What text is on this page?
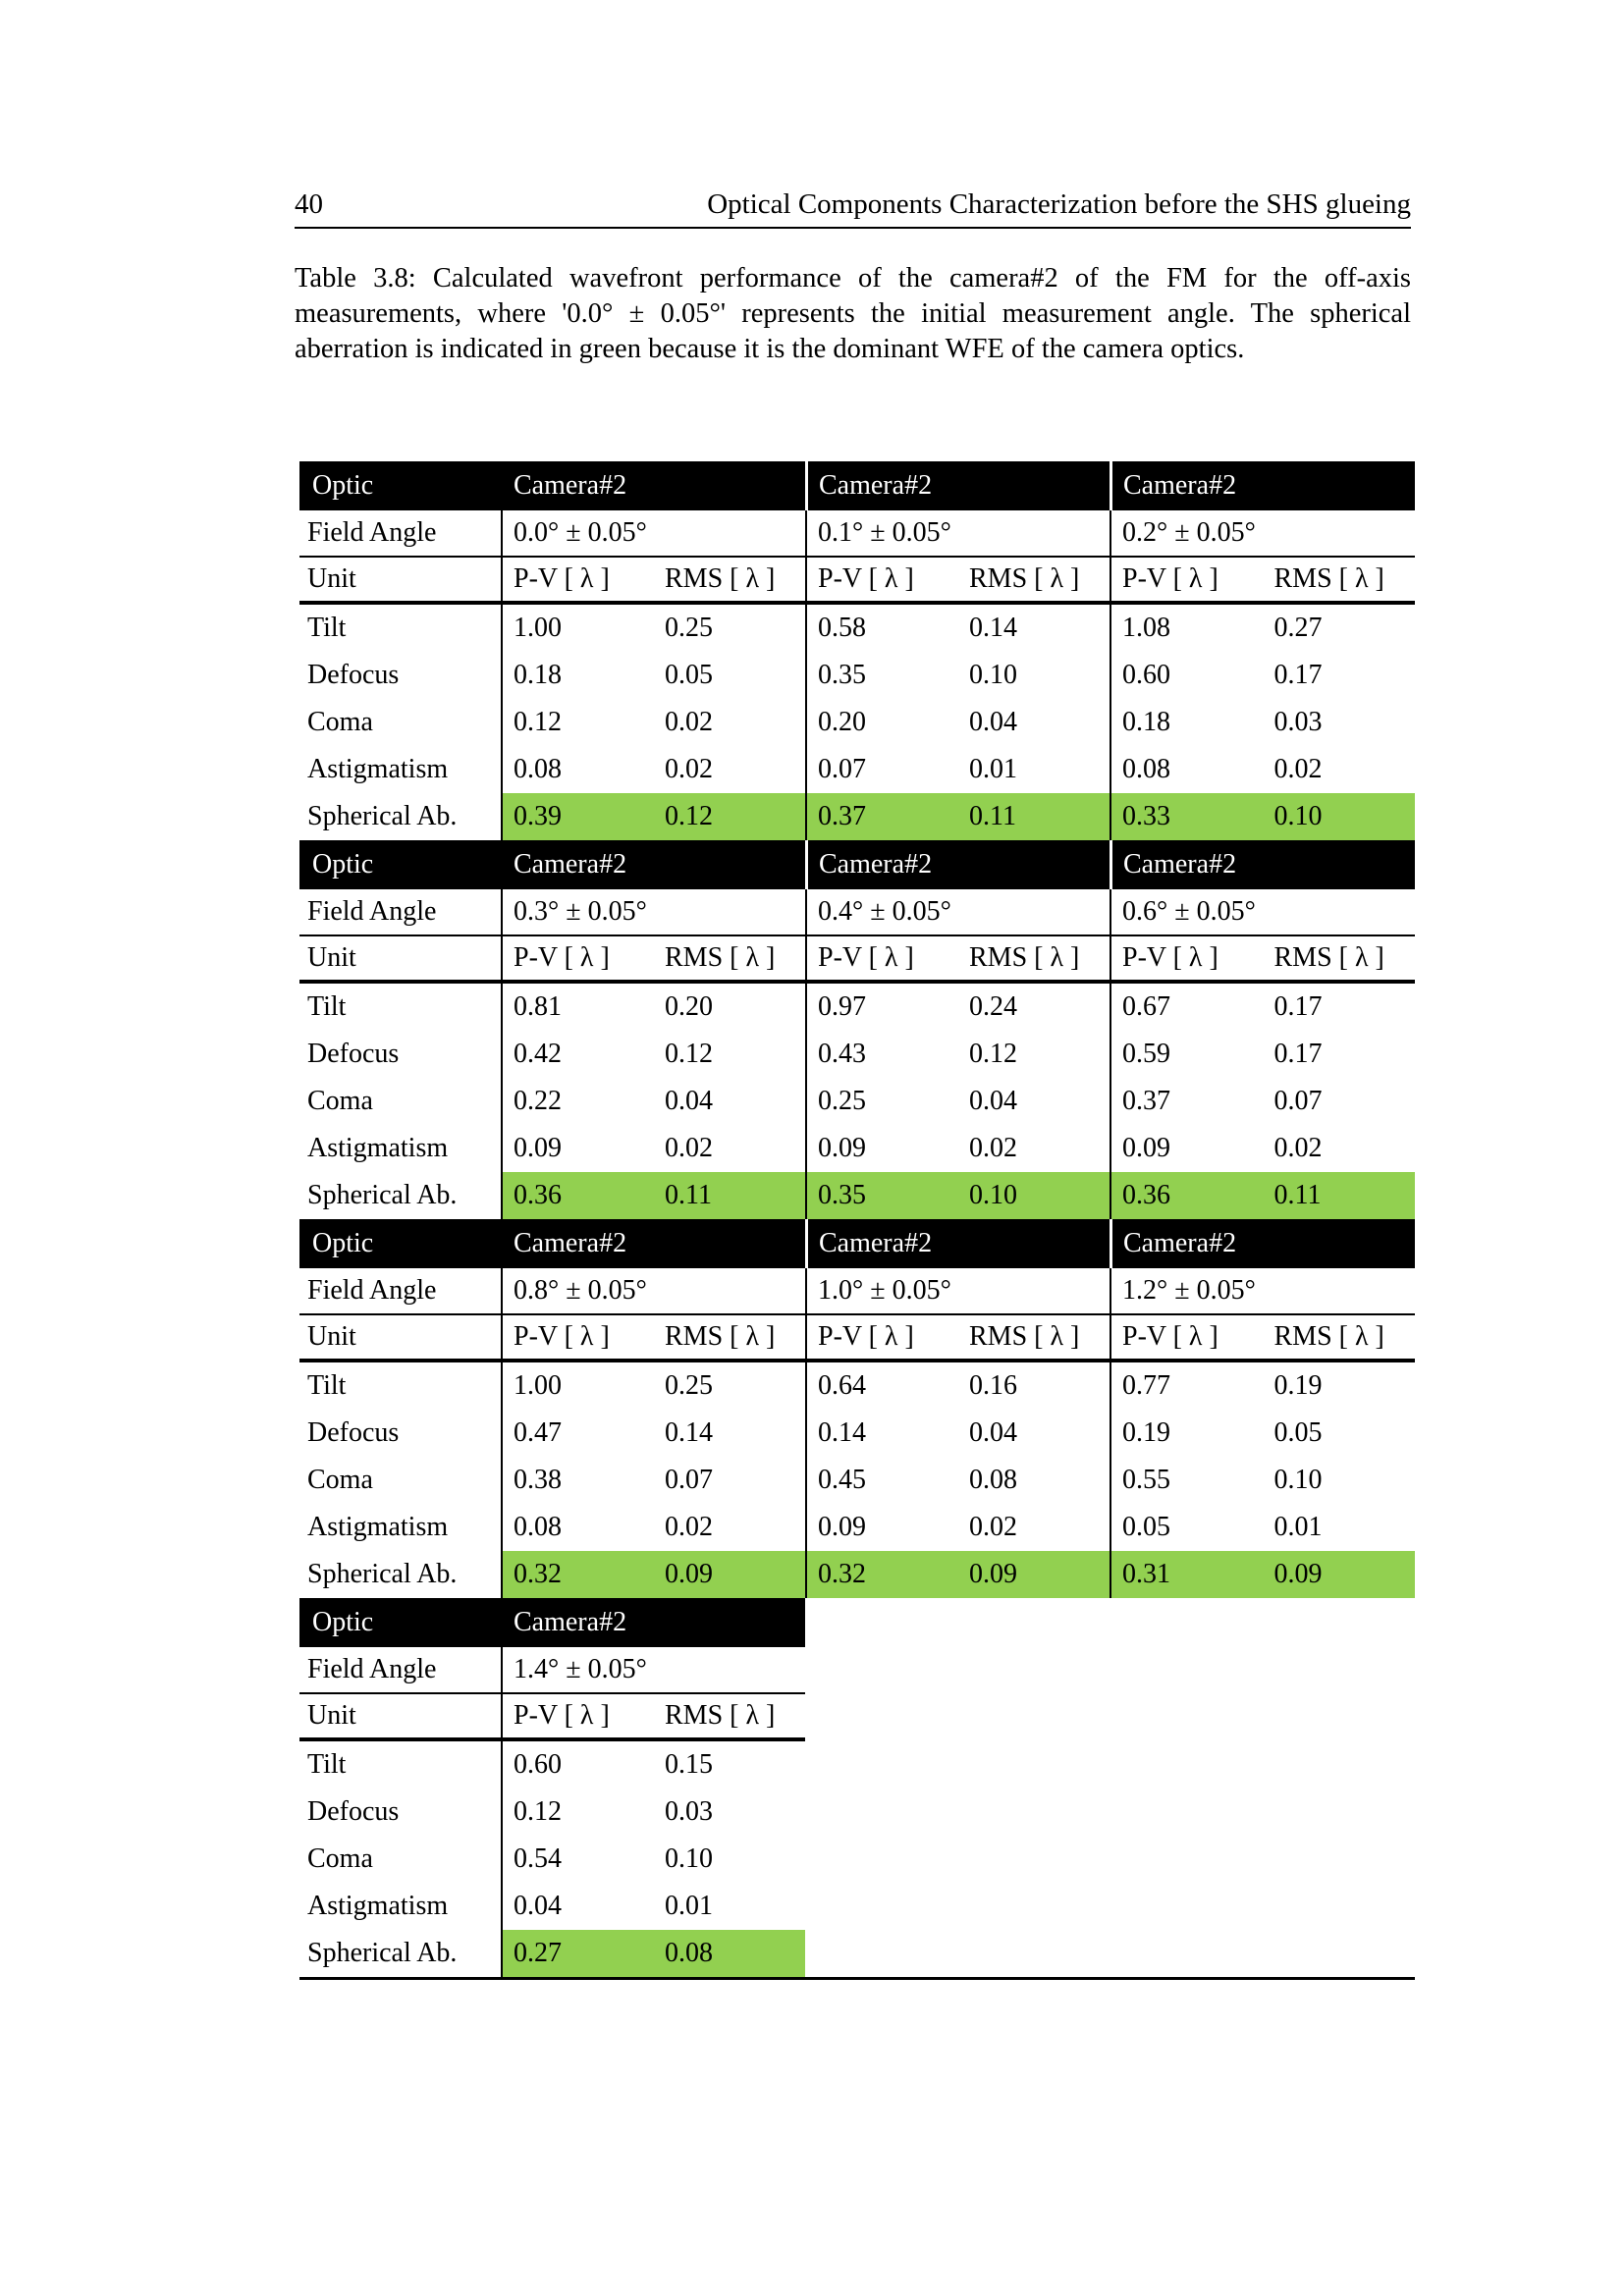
40	Optical Components Characterization before the SHS glueing

Table 3.8: Calculated wavefront performance of the camera#2 of the FM for the off-axis measurements, where '0.0° ± 0.05°' represents the initial measurement angle. The spherical aberration is indicated in green because it is the dominant WFE of the camera optics.

Optic	Camera#2	Camera#2	Camera#2
Field Angle	0.0° ± 0.05°	0.1° ± 0.05°	0.2° ± 0.05°
Unit	P-V [ λ ]	RMS [ λ ]	P-V [ λ ]	RMS [ λ ]	P-V [ λ ]	RMS [ λ ]
Tilt	1.00	0.25	0.58	0.14	1.08	0.27
Defocus	0.18	0.05	0.35	0.10	0.60	0.17
Coma	0.12	0.02	0.20	0.04	0.18	0.03
Astigmatism	0.08	0.02	0.07	0.01	0.08	0.02
Spherical Ab.	0.39	0.12	0.37	0.11	0.33	0.10
Optic	Camera#2	Camera#2	Camera#2
Field Angle	0.3° ± 0.05°	0.4° ± 0.05°	0.6° ± 0.05°
Unit	P-V [ λ ]	RMS [ λ ]	P-V [ λ ]	RMS [ λ ]	P-V [ λ ]	RMS [ λ ]
Tilt	0.81	0.20	0.97	0.24	0.67	0.17
Defocus	0.42	0.12	0.43	0.12	0.59	0.17
Coma	0.22	0.04	0.25	0.04	0.37	0.07
Astigmatism	0.09	0.02	0.09	0.02	0.09	0.02
Spherical Ab.	0.36	0.11	0.35	0.10	0.36	0.11
Optic	Camera#2	Camera#2	Camera#2
Field Angle	0.8° ± 0.05°	1.0° ± 0.05°	1.2° ± 0.05°
Unit	P-V [ λ ]	RMS [ λ ]	P-V [ λ ]	RMS [ λ ]	P-V [ λ ]	RMS [ λ ]
Tilt	1.00	0.25	0.64	0.16	0.77	0.19
Defocus	0.47	0.14	0.14	0.04	0.19	0.05
Coma	0.38	0.07	0.45	0.08	0.55	0.10
Astigmatism	0.08	0.02	0.09	0.02	0.05	0.01
Spherical Ab.	0.32	0.09	0.32	0.09	0.31	0.09
Optic	Camera#2
Field Angle	1.4° ± 0.05°
Unit	P-V [ λ ]	RMS [ λ ]
Tilt	0.60	0.15
Defocus	0.12	0.03
Coma	0.54	0.10
Astigmatism	0.04	0.01
Spherical Ab.	0.27	0.08
